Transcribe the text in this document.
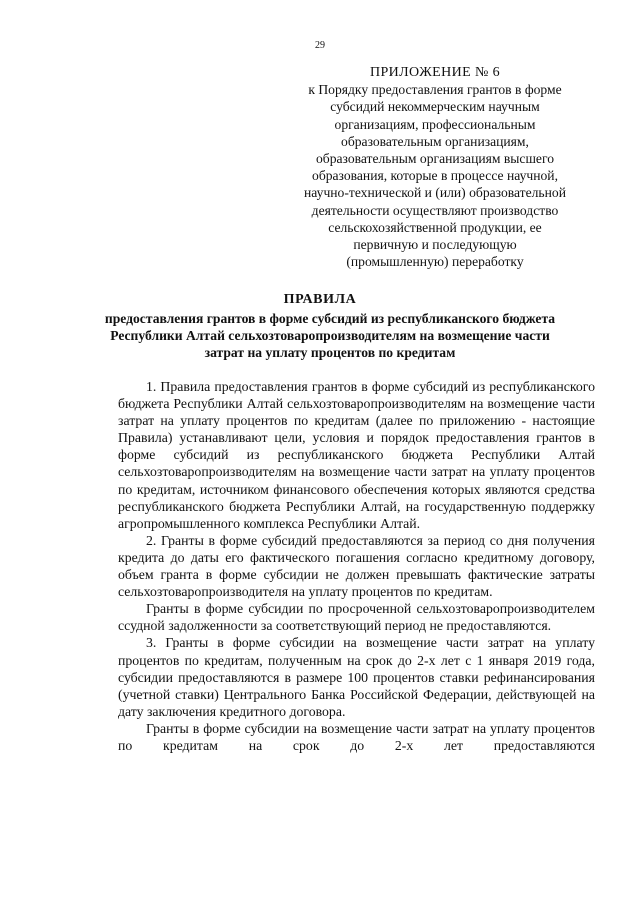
29
ПРИЛОЖЕНИЕ № 6
к Порядку предоставления грантов в форме
субсидий некоммерческим научным
организациям, профессиональным
образовательным организациям,
образовательным организациям высшего
образования, которые в процессе научной,
научно-технической и (или) образовательной
деятельности осуществляют производство
сельскохозяйственной продукции, ее
первичную и последующую
(промышленную) переработку
ПРАВИЛА
предоставления грантов в форме субсидий из республиканского бюджета Республики Алтай сельхозтоваропроизводителям на возмещение части затрат на уплату процентов по кредитам

1. Правила предоставления грантов в форме субсидий из республиканского бюджета Республики Алтай сельхозтоваропроизводителям на возмещение части затрат на уплату процентов по кредитам (далее по приложению - настоящие Правила) устанавливают цели, условия и порядок предоставления грантов в форме субсидий из республиканского бюджета Республики Алтай сельхозтоваропроизводителям на возмещение части затрат на уплату процентов по кредитам, источником финансового обеспечения которых являются средства республиканского бюджета Республики Алтай, на государственную поддержку агропромышленного комплекса Республики Алтай.

2. Гранты в форме субсидий предоставляются за период со дня получения кредита до даты его фактического погашения согласно кредитному договору, объем гранта в форме субсидии не должен превышать фактические затраты сельхозтоваропроизводителя на уплату процентов по кредитам.

Гранты в форме субсидии по просроченной сельхозтоваропроизводителем ссудной задолженности за соответствующий период не предоставляются.

3. Гранты в форме субсидии на возмещение части затрат на уплату процентов по кредитам, полученным на срок до 2-х лет с 1 января 2019 года, субсидии предоставляются в размере 100 процентов ставки рефинансирования (учетной ставки) Центрального Банка Российской Федерации, действующей на дату заключения кредитного договора.

Гранты в форме субсидии на возмещение части затрат на уплату процентов по кредитам на срок до 2-х лет предоставляются
